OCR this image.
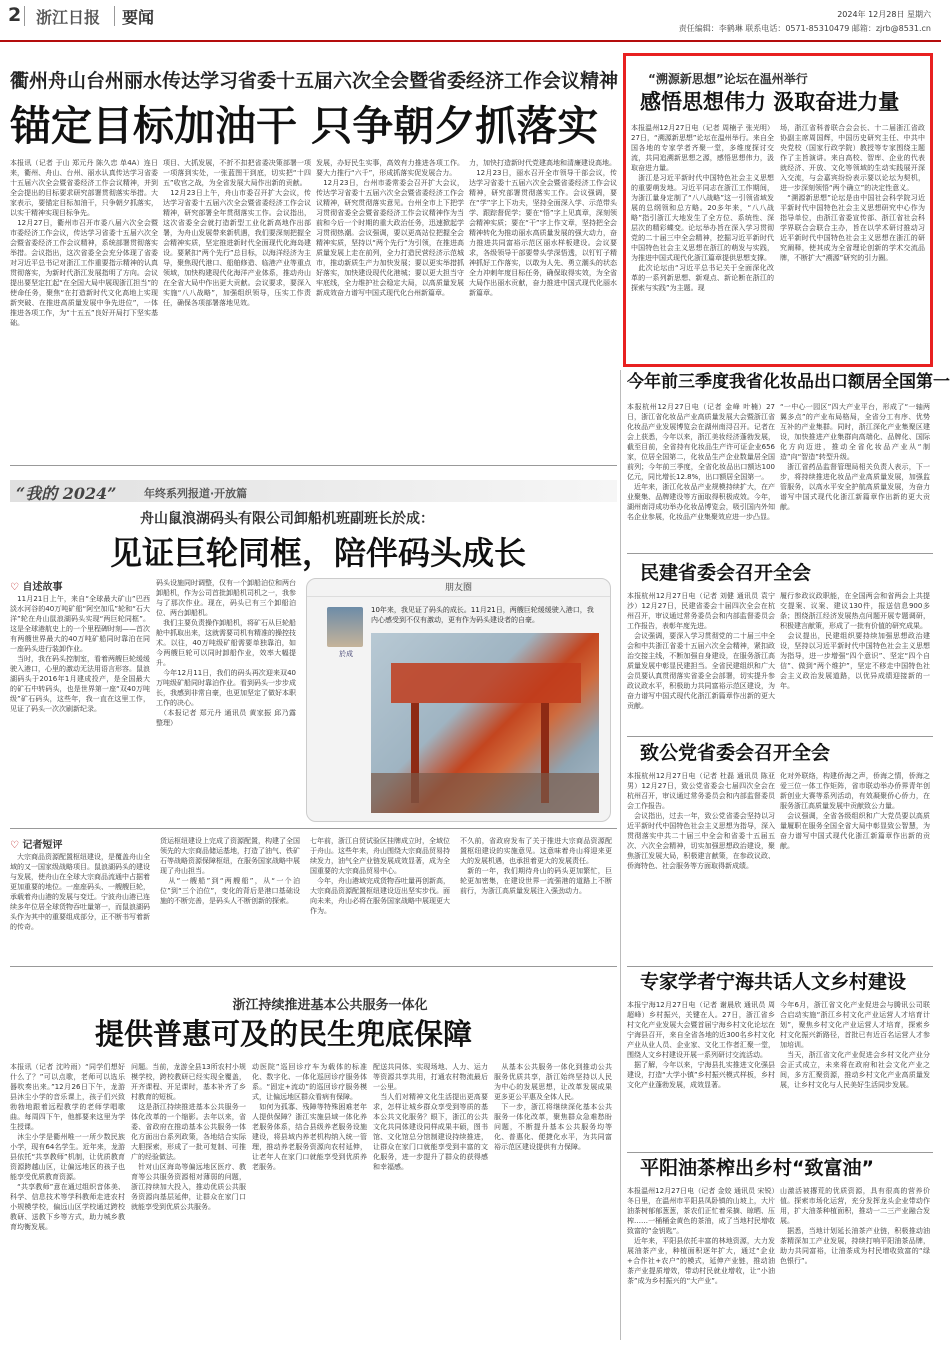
2 浙江日报 要闻	2024年 12月28日 星期六
责任编辑：李鹤琳 联系电话：0571-85310479 邮箱：zjrb@8531.cn
衢州舟山台州丽水传达学习省委十五届六次全会暨省委经济工作会议精神
锚定目标加油干 只争朝夕抓落实
本报讯（记者 于山 郑元丹 陈久忠 单4A）连日来，衢州、舟山、台州、丽水认真传达学习省委十五届六次全会暨省委经济工作会议精神，并到全会提出的目标要求研究部署贯彻落实举措。大家表示，要锚定目标加油干，只争朝夕抓落实，以实干精神实现目标争先。
　12月27日，衢州市召开市委八届六次全会暨市委经济工作会议，传达学习省委十五届六次全会暨省委经济工作会议精神，系统部署贯彻落实举措。会议指出，这次省委全会充分体现了省委对习近平总书记对浙江工作重要指示精神的认真贯彻落实，为新时代浙江发展指明了方向。会议提出要坚定扛起“在全国大局中展现浙江担当”的使命任务，聚焦“在打造新时代文化高地上实现新突破、在推进高质量发展中争先进位”，一体推进各项工作，为“十五五”良好开局打下坚实基础。
项目、大抓发展，不折不扣把省委决策部署一项一项落到实处，一张蓝图干到底，切实把“十四五”收官之战，为全省发展大局作出新的贡献。
　12月23日上午，舟山市委召开扩大会议，传达学习省委十五届六次全会暨省委经济工作会议精神，研究部署全年贯彻落实工作。会议指出，这次省委全会就打造新型工业化新高地作出部署，为舟山发展带来新机遇，我们要深刻把握全会精神实质，坚定推进新时代全面现代化海岛建设。要紧扣“两个先行”总目标，以海洋经济为主导，聚焦现代港口、船舶修造、临港产业等重点领域，加快构建现代化海洋产业体系，推动舟山在全省大局中作出更大贡献。会议要求，要深入实施“八八战略”，加强组织领导，压实工作责任，确保各项部署落地见效。
发展，办好民生实事，高效有力推进各项工作。要大力推行“六千”，形成抓落实促发展合力。
　12月23日，台州市委常委会召开扩大会议，传达学习省委十五届六次全会暨省委经济工作会议精神，研究贯彻落实意见。台州全市上下把学习贯彻省委全会暨省委经济工作会议精神作为当前和今后一个时期的重大政治任务，迅速掀起学习贯彻热潮。会议强调，要以更高站位把握全会精神实质，坚持以“两个先行”为引领，在推进高质量发展上走在前列，全力打造民营经济示范城市，推动新质生产力加快发展；要以更实举措抓好落实，加快建设现代化港城；要以更大担当守牢底线，全力维护社会稳定大局，以高质量发展新成效奋力谱写中国式现代化台州新篇章。
力，加快打造新时代党建高地和清廉建设高地。
　12月23日，丽水召开全市领导干部会议，传达学习省委十五届六次全会暨省委经济工作会议精神，研究部署贯彻落实工作。会议强调，要在“学”字上下功夫，坚持全面深入学、示范带头学、跟踪督促学；要在“悟”字上见真章，深刻领会精神实质；要在“干”字上作文章，坚持把全会精神转化为推动丽水高质量发展的强大动力，奋力推进共同富裕示范区丽水样板建设。会议要求，各级领导干部要带头学深悟透，以钉钉子精神抓好工作落实，以敢为人先、勇立潮头的状态全力冲刺年度目标任务，确保取得实效，为全省大局作出丽水贡献，奋力推进中国式现代化丽水新篇章。
“溯源新思想”论坛在温州举行
感悟思想伟力 汲取奋进力量
本报温州12月27日电（记者 周楠子 张光明）27日，“溯源新思想”论坛在温州举行。来自全国各地的专家学者齐聚一堂，多维度探讨交流，共同追溯新思想之源，感悟思想伟力，汲取奋进力量。
　浙江是习近平新时代中国特色社会主义思想的重要萌发地。习近平同志在浙江工作期间，为浙江量身定制了“八八战略”这一引领省域发展的总纲领和总方略。20多年来，“八八战略”指引浙江大地发生了全方位、系统性、深层次的精彩蝶变。论坛举办旨在深入学习贯彻党的二十届三中全会精神，挖掘习近平新时代中国特色社会主义思想在浙江的萌发与实践，为推进中国式现代化浙江篇章提供思想支撑。
　此次论坛由“习近平总书记关于全面深化改革的一系列新思想、新观点、新论断在浙江的探索与实践”为主题。现
场，浙江省科普联合会会长、十二届浙江省政协副主席周国辉，中国历史研究主任、中共中央党校（国家行政学院）教授等专家围绕主题作了主旨演讲。来自高校、智库、企业的代表就经济、开放、文化等领域的生动实践展开深入交流，与会嘉宾纷纷表示要以论坛为契机，进一步深刻领悟“两个确立”的决定性意义。
　“溯源新思想”论坛是由中国社会科学院习近平新时代中国特色社会主义思想研究中心作为指导单位，由浙江省委宣传部、浙江省社会科学界联合会联合主办，旨在以学术研讨推动习近平新时代中国特色社会主义思想在浙江的研究阐释，使其成为全省理论创新的学术交流品牌，不断扩大“溯源”研究的引力圈。
今年前三季度我省化妆品出口额居全国第一
本报杭州12月27日电（记者 金峰 叶楠）27日，浙江省化妆品产业高质量发展大会暨浙江省化妆品产业发展博览会在湖州南浔召开。记者在会上获悉，今年以来，浙江美妆经济蓬勃发展，截至目前，全省持有化妆品生产许可证企业656家，位居全国第二，化妆品生产企业数量居全国前列；今年前三季度，全省化妆品出口额达100亿元，同比增长12.8%，出口额居全国第一。
　近年来，浙江化妆品产业规模持续扩大，在产业聚集、品牌建设等方面取得积极成效。今年，湖州南浔成功举办化妆品博览会，吸引国内外知名企业参展，化妆品产业集聚效应进一步凸显。
“一中心一园区”四大产业平台，形成了“一轴两翼多点”的产业布局格局，全省分工有序、优势互补的产业集群。同时，浙江深化产业集聚区建设，加快推进产业集群向高端化、品牌化、国际化方向迈进，推动全省化妆品产业从“制造”向“智造”转型升级。
　浙江省药品监督管理局相关负责人表示，下一步，将持续推进化妆品产业高质量发展，加强监管服务，以高水平安全护航高质量发展，为奋力谱写中国式现代化浙江新篇章作出新的更大贡献。
民建省委会召开全会
本报杭州12月27日电（记者 刘健 通讯员 袁宁沙）12月27日，民建省委会十届四次全会在杭州召开，审议通过常务委员会和内部监督委员会工作报告，表彰年度先进。
　会议强调，要深入学习贯彻党的二十届三中全会和中共浙江省委十五届六次全会精神，紧扣政治交接主线，不断加强自身建设，在服务浙江高质量发展中彰显民建担当。全省民建组织和广大会员要认真贯彻落实省委全会部署，切实提升参政议政水平，积极助力共同富裕示范区建设，为奋力谱写中国式现代化浙江新篇章作出新的更大贡献。
履行参政议政职能，在全国两会和省两会上共提交提案、议案、建议130件，报送信息900多条；围绕浙江经济发展热点问题开展专题调研，积极建言献策，形成了一批有价值的研究成果。
　会议提出，民建组织要持续加强思想政治建设，坚持以习近平新时代中国特色社会主义思想为指导，进一步增强“四个意识”、坚定“四个自信”、做到“两个维护”，坚定不移走中国特色社会主义政治发展道路，以优异成绩迎接新的一年。
致公党省委会召开全会
本报杭州12月27日电（记者 杜磊 通讯员 陈亚男）12月27日，致公党省委会七届四次全会在杭州召开，审议通过常务委员会和内部监督委员会工作报告。
　会议指出，过去一年，致公党省委会坚持以习近平新时代中国特色社会主义思想为指导，深入贯彻落实中共二十届三中全会和省委十五届五次、六次全会精神，切实加强思想政治建设，聚焦浙江发展大局，积极建言献策，在参政议政、侨海特色、社会服务等方面取得新成绩。
化对外联络，构建侨海之声，侨海之情，侨海之爱三位一体工作矩阵，省市联动举办侨界青年创新创业大赛等系列活动，有效凝聚侨心侨力，在服务浙江高质量发展中贡献致公力量。
　会议强调，全省各级组织和广大党员要以高质量履职在服务全国全省大局中彰显致公智慧，为奋力谱写中国式现代化浙江新篇章作出新的贡献。
专家学者宁海共话人文乡村建设
本报宁海12月27日电（记者 谢晨欣 通讯员 周超峰）乡村振兴，关键在人。27日，浙江省乡村文化产业发展大会暨首届宁海乡村文化论坛在宁海县召开，来自全省各地的近300名乡村文化产业从业人员、企业家、文化工作者汇聚一堂，围绕人文乡村建设开展一系列研讨交流活动。
　据了解，今年以来，宁海县扎实推进文化强县建设，打造“大学小镇”乡村振兴模式样板，乡村文化产业蓬勃发展，成效显著。
今年6月，浙江省文化产业促进会与腾讯公司联合启动实施“浙江乡村文化产业运营人才培育计划”，聚焦乡村文化产业运营人才培育，探索乡村文化振兴新路径，首批已有近百名运营人才参加培训。
　当天，浙江省文化产业促进会乡村文化产业分会正式成立，未来将在政府和社会文化产业之间，多方汇聚资源，推动乡村文化产业高质量发展，让乡村文化与人民美好生活同步发展。
平阳油茶榨出乡村“致富油”
本报温州12月27日电（记者 金姣 通讯员 宋锐）冬日里，在温州市平阳县凤卧镇的山坡上，大片油茶树郁郁葱葱，茶农们正忙着采摘、晾晒、压榨……一桶桶金黄色的茶油，成了当地村民增收致富的“金钥匙”。
　近年来，平阳县依托丰富的林地资源，大力发展油茶产业，种植面积逐年扩大，通过“企业+合作社+农户”的模式，延伸产业链，推动油茶产业提质增效，带动村民就业增收，让“小油茶”成为乡村振兴的“大产业”。
山激活被撂荒的优质资源，具有很高的营养价值。探索市场化运营，充分发挥龙头企业带动作用，扩大油茶种植面积，推动一二三产业融合发展。
　据悉，当地计划延长油茶产业链，积极推动油茶精深加工产业发展，持续打响平阳油茶品牌，助力共同富裕，让油茶成为村民增收致富的“绿色银行”。
“我的 2024” 年终系列报道·开放篇
舟山鼠浪湖码头有限公司卸船机班副班长於成：
见证巨轮同框，陪伴码头成长
♡ 自述故事
　11月21日上午，来自“全球最大矿山”巴西淡水河谷的40万吨矿船“阿空加瓜”轮和“石大洋”轮在舟山鼠浪湖码头实现“两巨轮同框”。这是全球港航史上的一个里程碑时刻——首次有两艘世界最大的40万吨矿船同时靠泊在同一座码头进行装卸作业。
　当时，我在码头控制室，看着两艘巨轮缓缓驶入港口，心里的激动无法用语言形容。鼠浪湖码头于2016年1月建成投产，是全国最大的矿石中转码头，也是世界第一座“双40万吨级”矿石码头，这些年，我一直在这里工作，见证了码头一次次刷新纪录。
码头设施同时调整，仅有一个卸船泊位和两台卸船机，作为公司首批卸船机司机之一，我参与了那次作业。现在，码头已有三个卸船泊位、两台卸船机。
　我们主要负责操作卸船机，将矿石从巨轮船舱中抓取出来，这就需要司机有精准的操控技术。以往，40万吨级矿船需要单独靠泊，如今两艘巨轮可以同时卸船作业，效率大幅提升。
　今年12月11日，我们的码头再次迎来双40万吨级矿船同时靠泊作业。看到码头一步步成长，我感到非常自豪，也更加坚定了做好本职工作的决心。
　（本报记者 郑元丹 通讯员 黄家振 邱乃露 整理）
朋友圈
於成
10年来，我见证了码头的成长。11月21日，两艘巨轮缓缓驶入港口，我内心感受到不仅有激动，更有作为码头建设者的自豪。
♡ 记者短评
　大宗商品资源配置枢纽建设，是覆盖舟山全域的又一国家级战略项目。鼠浪湖码头的建设与发展，使舟山在全球大宗商品流通中占据着更加重要的地位。一座座码头、一艘艘巨轮，承载着舟山港的发展与变迁。宁波舟山港已连续多年位居全球货物吞吐量第一，而鼠浪湖码头作为其中的重要组成部分，正不断书写着新的传奇。
货运枢纽建设上完成了资源配置，构建了全国领先的大宗商品储运基地，打造了油气、铁矿石等战略资源保障枢纽，在服务国家战略中展现了舟山担当。
　从“一艘船”到“两艘船”，从“一个泊位”到“三个泊位”，变化的背后是港口基础设施的不断完善，是码头人不断创新的探索。
七年前，浙江自贸试验区挂牌成立时，全域位于舟山。这些年来，舟山围绕大宗商品贸易持续发力，油气全产业链发展成效显著，成为全国重要的大宗商品贸易中心。
　今年，舟山港域完成货物吞吐量再创新高，大宗商品资源配置枢纽建设迈出坚实步伐。面向未来，舟山必将在服务国家战略中展现更大作为。
不久前，省政府发布了关于推进大宗商品资源配置枢纽建设的实施意见。这意味着舟山将迎来更大的发展机遇，也承担着更大的发展责任。
　新的一年，我们期待舟山的码头更加繁忙，巨轮更加密集，在建设世界一流强港的道路上不断前行，为浙江高质量发展注入强劲动力。
浙江持续推进基本公共服务一体化
提供普惠可及的民生兜底保障
本报讯（记者 沈吟雨）“同学们想好什么了？”可以点歌，老师可以选乐器吹奏出来。”12月26日下午，龙游县沐尘小学的音乐课上，孩子们兴致勃勃地跟着远程教学的老师学唱歌曲。每周四下午，他都要来这里为学生授课。
　沐尘小学是衢州唯一一所少数民族小学，现有64名学生。近年来，龙游县依托“共享教师”机制，让优质教育资源跨越山区，让偏远地区的孩子也能享受优质教育资源。
　“共享教师”意在通过组织音体美、科学、信息技术等学科教师走进农村小规模学校，偏远山区学校通过跨校教研、送教下乡等方式，助力城乡教育均衡发展。
问题。当前，龙游全县13所农村小规模学校，跨校教研已经实现全覆盖，开齐课程、开足课时，基本补齐了乡村教育的短板。
　这是浙江持续推进基本公共服务一体化改革的一个缩影。去年以来，省委、省政府在推动基本公共服务一体化方面出台系列政策，各地结合实际大胆探索，形成了一批可复制、可推广的经验做法。
　针对山区海岛等偏远地区医疗、教育等公共服务资源相对薄弱的问题，浙江持续加大投入，推动优质公共服务资源向基层延伸，让群众在家门口就能享受到优质公共服务。
动医院”巡回诊疗车为载体的标准化、数字化、一体化巡回诊疗服务体系。“固定+流动”的巡回诊疗服务模式，让偏远地区群众看病有保障。
　如何为孤寡、残障等特殊困难老年人提供保障？浙江实施县域一体化养老服务体系，结合县级养老服务设施建设，将县域内养老机构纳入统一管理，推动养老服务资源向农村延伸，让老年人在家门口就能享受到优质养老服务。
配送共同体、实现场地、人力、运力等资源共享共用，打通农村物流最后一公里。
　当人们对精神文化生活提出更高要求，怎样让城乡群众享受到等质的基本公共文化服务？眼下，浙江的公共文化共同体建设同样成果丰硕，图书馆、文化馆总分馆制建设持续推进，让群众在家门口就能享受到丰富的文化服务，进一步提升了群众的获得感和幸福感。
　从基本公共服务一体化到推动公共服务优质共享，浙江始终坚持以人民为中心的发展思想，让改革发展成果更多更公平惠及全体人民。
　下一步，浙江将继续深化基本公共服务一体化改革，聚焦群众急难愁盼问题，不断提升基本公共服务均等化、普惠化、便捷化水平，为共同富裕示范区建设提供有力保障。
